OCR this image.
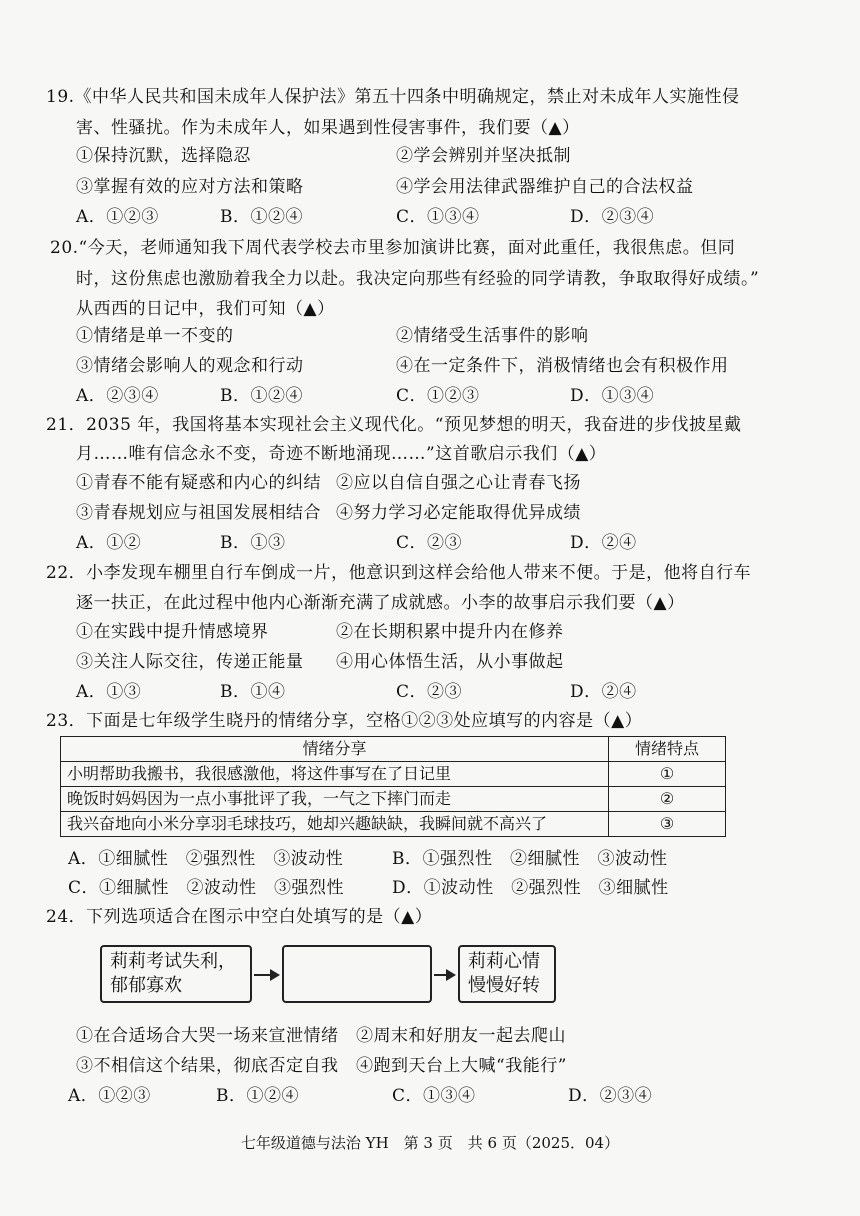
19.《中华人民共和国未成年人保护法》第五十四条中明确规定，禁止对未成年人实施性侵
害、性骚扰。作为未成年人，如果遇到性侵害事件，我们要（▲）
①保持沉默，选择隐忍	②学会辨别并坚决抵制
③掌握有效的应对方法和策略	④学会用法律武器维护自己的合法权益
A．①②③	B．①②④	C．①③④	D．②③④
20.“今天，老师通知我下周代表学校去市里参加演讲比赛，面对此重任，我很焦虑。但同
时，这份焦虑也激励着我全力以赴。我决定向那些有经验的同学请教，争取取得好成绩。”
从西西的日记中，我们可知（▲）
①情绪是单一不变的	②情绪受生活事件的影响
③情绪会影响人的观念和行动	④在一定条件下，消极情绪也会有积极作用
A．②③④	B．①②④	C．①②③	D．①③④
21．2035 年，我国将基本实现社会主义现代化。“预见梦想的明天，我奋进的步伐披星戴
月……唯有信念永不变，奇迹不断地涌现……”这首歌启示我们（▲）
①青春不能有疑惑和内心的纠结 ②应以自信自强之心让青春飞扬
③青春规划应与祖国发展相结合 ④努力学习必定能取得优异成绩
A．①②	B．①③	C．②③	D．②④
22．小李发现车棚里自行车倒成一片，他意识到这样会给他人带来不便。于是，他将自行车
逐一扶正，在此过程中他内心渐渐充满了成就感。小李的故事启示我们要（▲）
①在实践中提升情感境界	②在长期积累中提升内在修养
③关注人际交往，传递正能量 ④用心体悟生活，从小事做起
A．①③	B．①④	C．②③	D．②④
23．下面是七年级学生晓丹的情绪分享，空格①②③处应填写的内容是（▲）
情绪分享	情绪特点
小明帮助我搬书，我很感激他，将这件事写在了日记里	①
晚饭时妈妈因为一点小事批评了我，一气之下摔门而走	②
我兴奋地向小米分享羽毛球技巧，她却兴趣缺缺，我瞬间就不高兴了	③
A．①细腻性　②强烈性　③波动性	B．①强烈性　②细腻性　③波动性
C．①细腻性　②波动性　③强烈性	D．①波动性　②强烈性　③细腻性
24．下列选项适合在图示中空白处填写的是（▲）
莉莉考试失利，
郁郁寡欢
莉莉心情
慢慢好转
①在合适场合大哭一场来宣泄情绪 ②周末和好朋友一起去爬山
③不相信这个结果，彻底否定自我 ④跑到天台上大喊“我能行”
A．①②③	B．①②④	C．①③④	D．②③④
七年级道德与法治 YH　第 3 页　共 6 页（2025．04）
